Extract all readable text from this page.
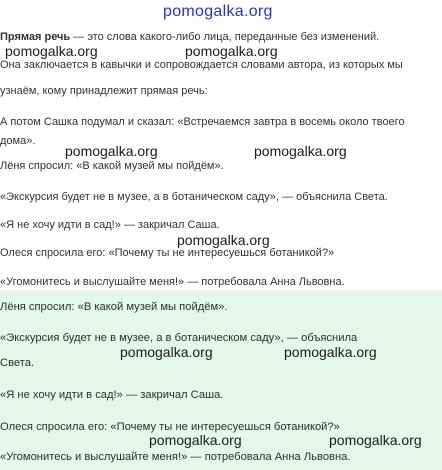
pomogalka.org
Прямая речь — это слова какого-либо лица, переданные без изменений.
Она заключается в кавычки и сопровождается словами автора, из которых мы
узнаём, кому принадлежит прямая речь:
pomogalka.org	pomogalka.org
А потом Сашка подумал и сказал: «Встречаемся завтра в восемь около твоего
дома».
Лёня спросил: «В какой музей мы пойдём».
«Экскурсия будет не в музее, а в ботаническом саду», — объяснила Света.
«Я не хочу идти в сад!» — закричал Саша.
Олеся спросила его: «Почему ты не интересуешься ботаникой?»
«Угомонитесь и выслушайте меня!» — потребовала Анна Львовна.
pomogalka.org	pomogalka.org
pomogalka.org
Лёня спросил: «В какой музей мы пойдём».
«Экскурсия будет не в музее, а в ботаническом саду», — объяснила
Света.
«Я не хочу идти в сад!» — закричал Саша.
Олеся спросила его: «Почему ты не интересуешься ботаникой?»
«Угомонитесь и выслушайте меня!» — потребовала Анна Львовна.
pomogalka.org	pomogalka.org
pomogalka.org	pomogalka.org
